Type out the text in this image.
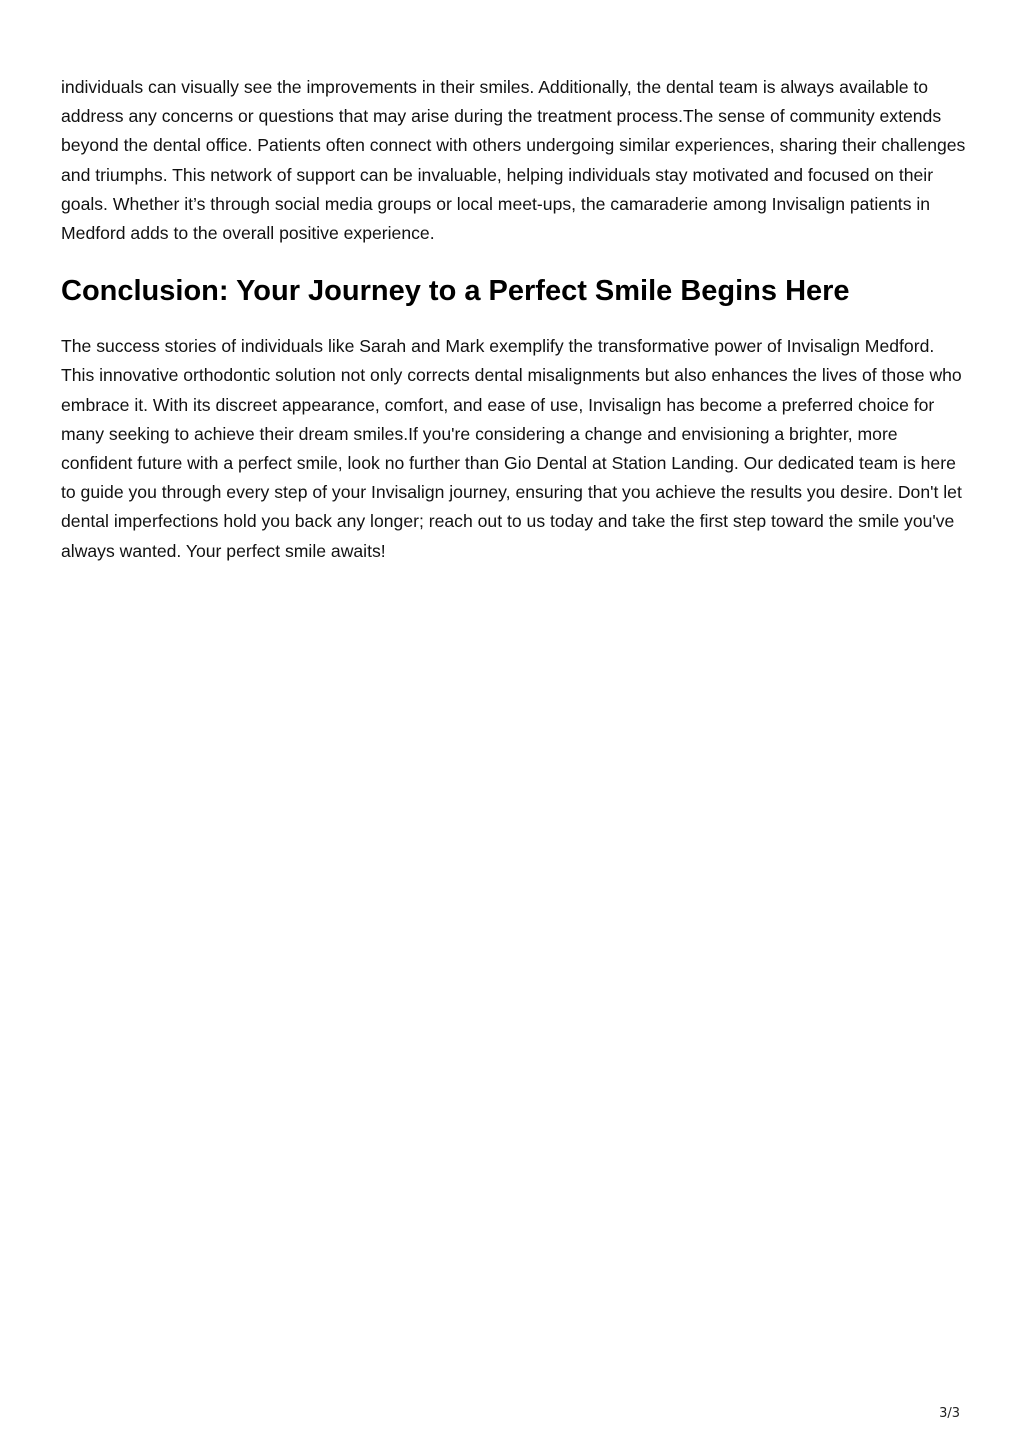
individuals can visually see the improvements in their smiles. Additionally, the dental team is always available to address any concerns or questions that may arise during the treatment process.The sense of community extends beyond the dental office. Patients often connect with others undergoing similar experiences, sharing their challenges and triumphs. This network of support can be invaluable, helping individuals stay motivated and focused on their goals. Whether it’s through social media groups or local meet-ups, the camaraderie among Invisalign patients in Medford adds to the overall positive experience.

Conclusion: Your Journey to a Perfect Smile Begins Here

The success stories of individuals like Sarah and Mark exemplify the transformative power of Invisalign Medford. This innovative orthodontic solution not only corrects dental misalignments but also enhances the lives of those who embrace it. With its discreet appearance, comfort, and ease of use, Invisalign has become a preferred choice for many seeking to achieve their dream smiles.If you're considering a change and envisioning a brighter, more confident future with a perfect smile, look no further than Gio Dental at Station Landing. Our dedicated team is here to guide you through every step of your Invisalign journey, ensuring that you achieve the results you desire. Don't let dental imperfections hold you back any longer; reach out to us today and take the first step toward the smile you've always wanted. Your perfect smile awaits!

3/3
